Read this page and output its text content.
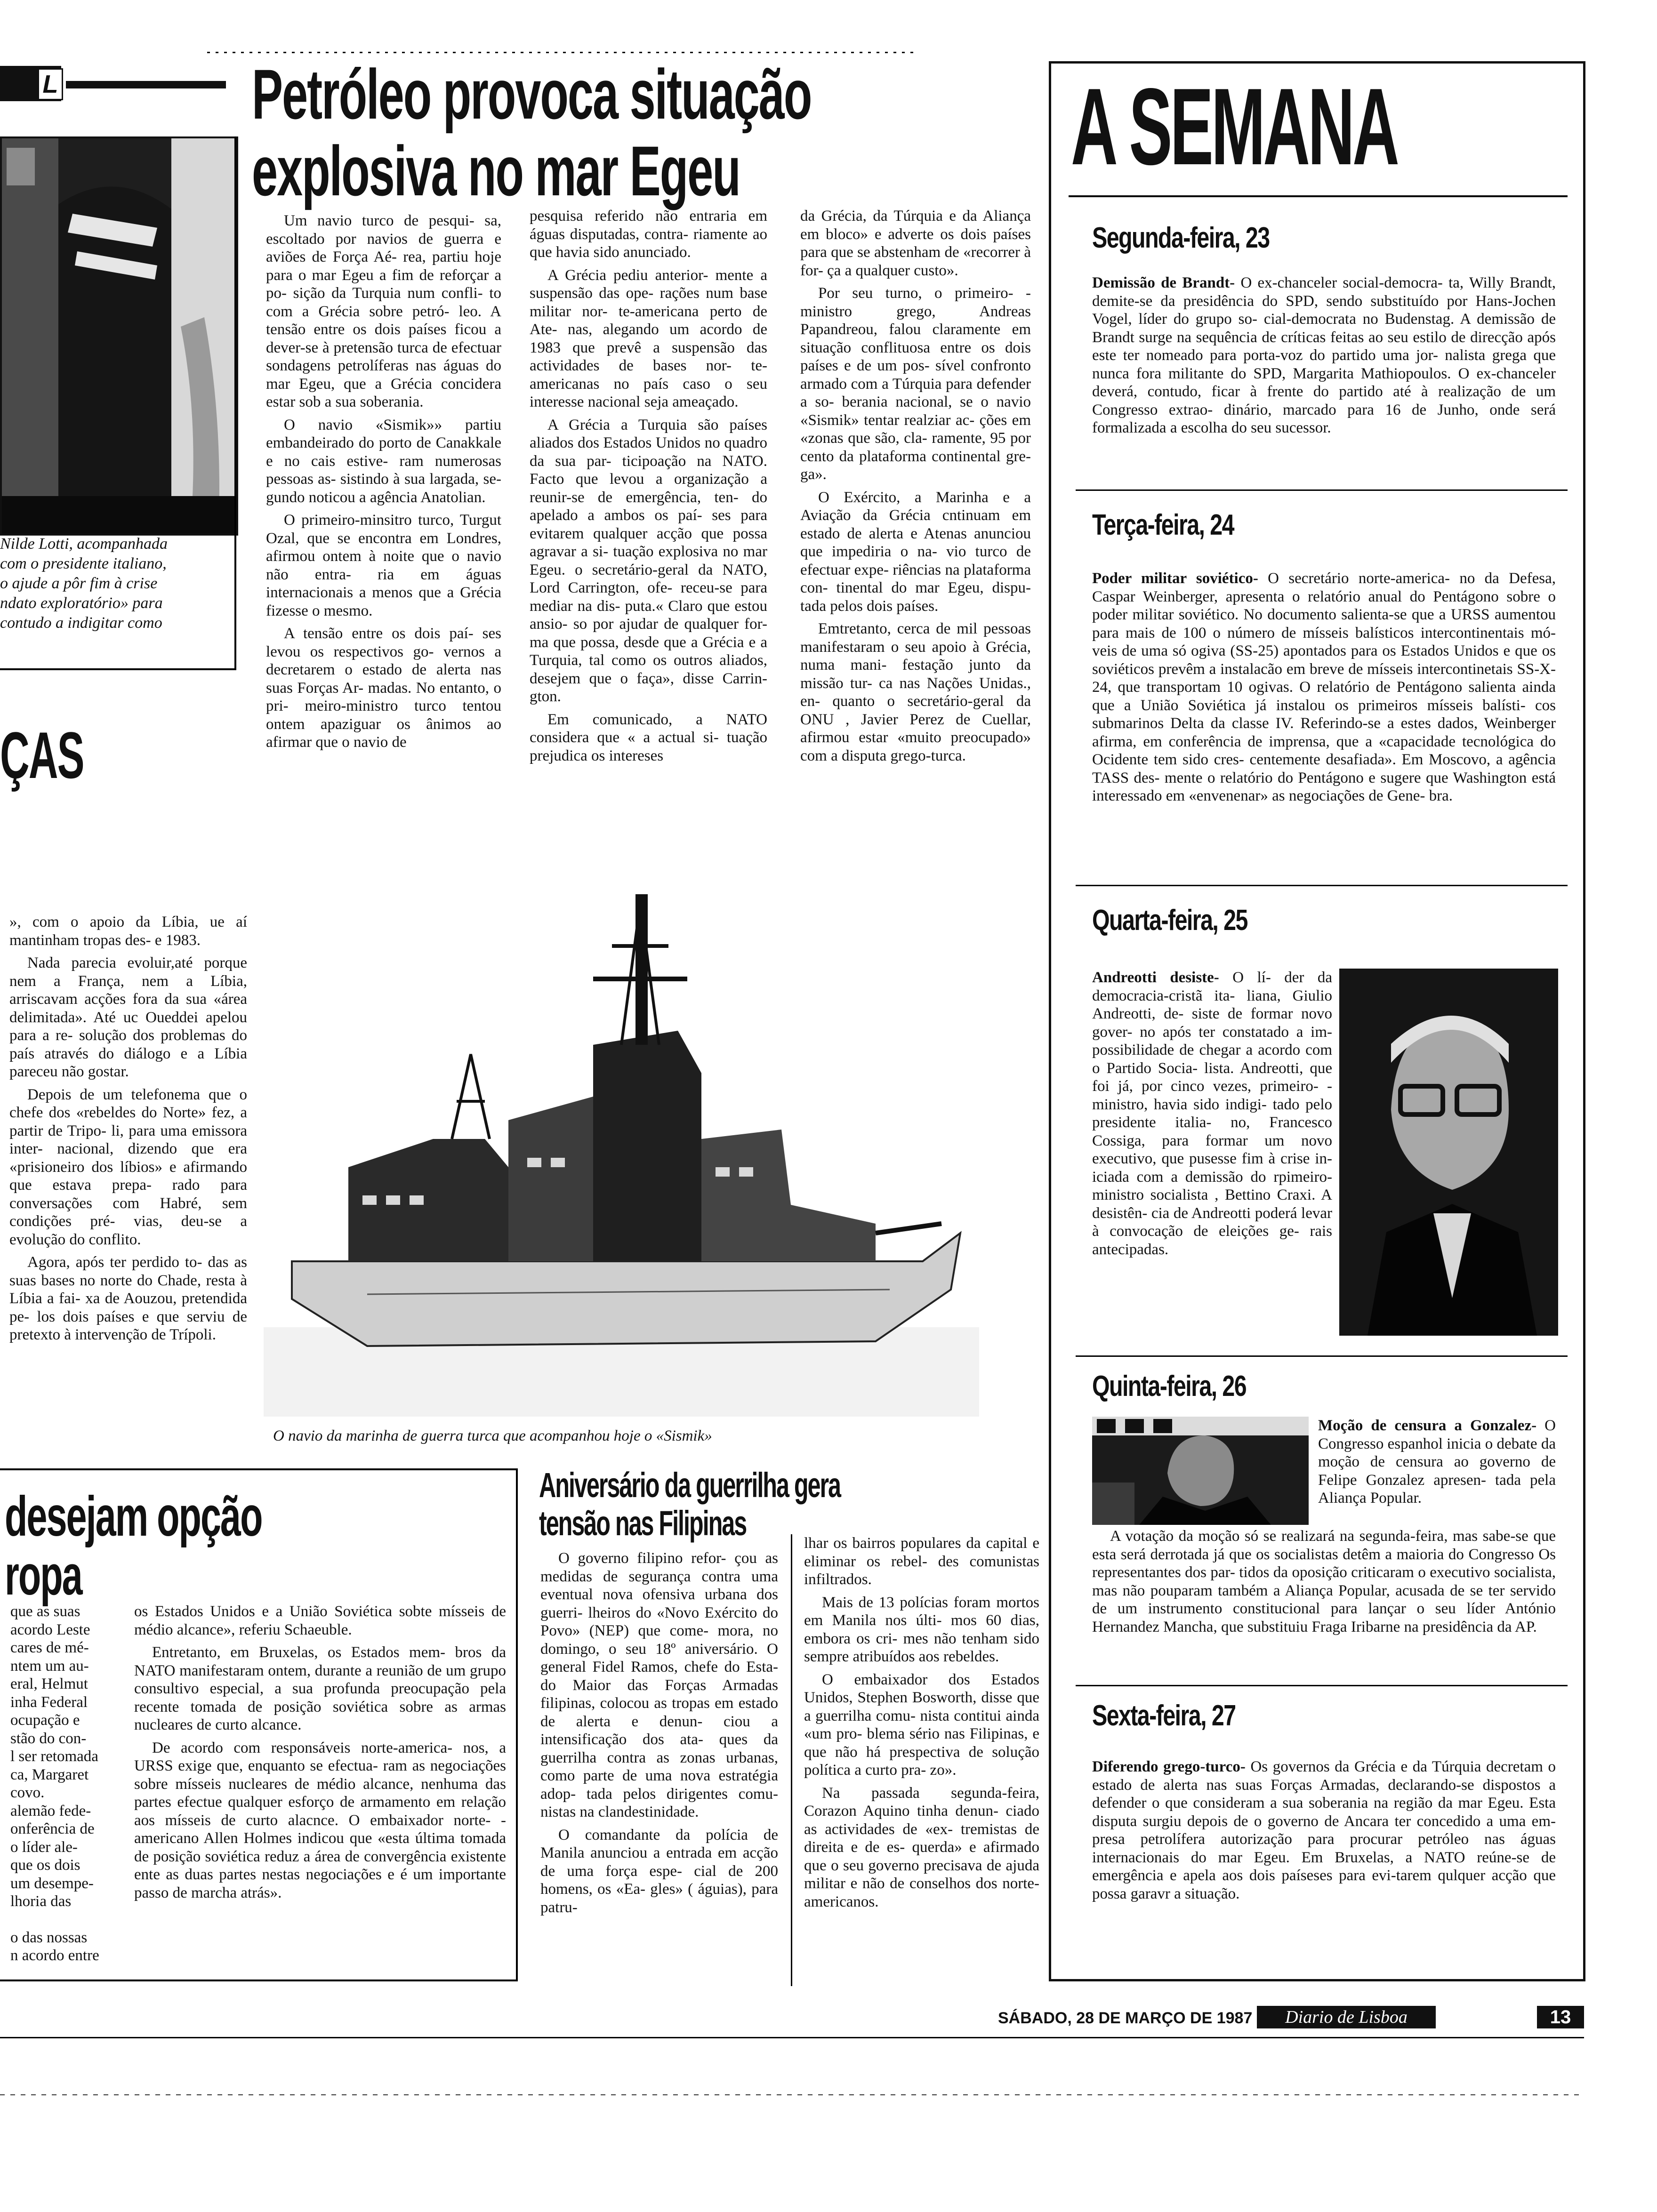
L	Petróleo provoca situação
explosiva no mar Egeu
Nilde Lotti, acompanhada
com o presidente italiano,
o ajude a pôr fim à crise
ndato exploratório» para
contudo a indigitar como
ÇAS

Um navio turco de pesqui- sa, escoltado por navios de guerra e aviões de Força Aé- rea, partiu hoje para o mar Egeu a fim de reforçar a po- sição da Turquia num confli- to com a Grécia sobre petró- leo. A tensão entre os dois países ficou a dever-se à pretensão turca de efectuar sondagens petrolíferas nas águas do mar Egeu, que a Grécia concidera estar sob a sua soberania.

O navio «Sismik»» partiu embandeirado do porto de Canakkale e no cais estive- ram numerosas pessoas as- sistindo à sua largada, se- gundo noticou a agência Anatolian.

O primeiro-minsitro turco, Turgut Ozal, que se encontra em Londres, afirmou ontem à noite que o navio não entra- ria em águas internacionais a menos que a Grécia fizesse o mesmo.

A tensão entre os dois paí- ses levou os respectivos go- vernos a decretarem o estado de alerta nas suas Forças Ar- madas. No entanto, o pri- meiro-ministro turco tentou ontem apaziguar os ânimos ao afirmar que o navio de

pesquisa referido não entraria em águas disputadas, contra- riamente ao que havia sido anunciado.

A Grécia pediu anterior- mente a suspensão das ope- rações num base militar nor- te-americana perto de Ate- nas, alegando um acordo de 1983 que prevê a suspensão das actividades de bases nor- te-americanas no país caso o seu interesse nacional seja ameaçado.

A Grécia a Turquia são países aliados dos Estados Unidos no quadro da sua par- ticipoação na NATO. Facto que levou a organização a reunir-se de emergência, ten- do apelado a ambos os paí- ses para evitarem qualquer acção que possa agravar a si- tuação explosiva no mar Egeu. o secretário-geral da NATO, Lord Carrington, ofe- receu-se para mediar na dis- puta.« Claro que estou ansio- so por ajudar de qualquer for- ma que possa, desde que a Grécia e a Turquia, tal como os outros aliados, desejem que o faça», disse Carrin- gton.

Em comunicado, a NATO considera que « a actual si- tuação prejudica os intereses

da Grécia, da Túrquia e da Aliança em bloco» e adverte os dois países para que se abstenham de «recorrer à for- ça a qualquer custo».

Por seu turno, o primeiro- -ministro grego, Andreas Papandreou, falou claramente em situação conflituosa entre os dois países e de um pos- sível confronto armado com a Túrquia para defender a so- berania nacional, se o navio «Sismik» tentar realziar ac- ções em «zonas que são, cla- ramente, 95 por cento da plataforma continental gre- ga».

O Exército, a Marinha e a Aviação da Grécia cntinuam em estado de alerta e Atenas anunciou que impediria o na- vio turco de efectuar expe- riências na plataforma con- tinental do mar Egeu, dispu- tada pelos dois países.

Emtretanto, cerca de mil pessoas manifestaram o seu apoio à Grécia, numa mani- festação junto da missão tur- ca nas Nações Unidas., en- quanto o secretário-geral da ONU , Javier Perez de Cuellar, afirmou estar «muito preocupado» com a disputa grego-turca.

», com o apoio da Líbia, ue aí mantinham tropas des- e 1983.

Nada parecia evoluir,até porque nem a França, nem a Líbia, arriscavam acções fora da sua «área delimitada». Até uc Oueddei apelou para a re- solução dos problemas do país através do diálogo e a Líbia pareceu não gostar.

Depois de um telefonema que o chefe dos «rebeldes do Norte» fez, a partir de Tripo- li, para uma emissora inter- nacional, dizendo que era «prisioneiro dos líbios» e afirmando que estava prepa- rado para conversações com Habré, sem condições pré- vias, deu-se a evolução do conflito.

Agora, após ter perdido to- das as suas bases no norte do Chade, resta à Líbia a fai- xa de Aouzou, pretendida pe- los dois países e que serviu de pretexto à intervenção de Trípoli.

O navio da marinha de guerra turca que acompanhou hoje o «Sismik»
desejam opção
ropa
que as suas
acordo Leste
cares de mé-
ntem um au-
eral, Helmut
inha Federal
ocupação e
stão do con-
l ser retomada
ca, Margaret
covo.
alemão fede-
onferência de
o líder ale-
que os dois
um desempe-
lhoria das
o das nossas
n acordo entre

os Estados Unidos e a União Soviética sobte mísseis de médio alcance», referiu Schaeuble.

Entretanto, em Bruxelas, os Estados mem- bros da NATO manifestaram ontem, durante a reunião de um grupo consultivo especial, a sua profunda preocupação pela recente tomada de posição soviética sobre as armas nucleares de curto alcance.

De acordo com responsáveis norte-america- nos, a URSS exige que, enquanto se efectua- ram as negociações sobre mísseis nucleares de médio alcance, nenhuma das partes efectue qualquer esforço de armamento em relação aos mísseis de curto alacnce. O embaixador norte- -americano Allen Holmes indicou que «esta última tomada de posição soviética reduz a área de convergência existente ente as duas partes nestas negociações e é um importante passo de marcha atrás».

Aniversário da guerrilha gera
tensão nas Filipinas

O governo filipino refor- çou as medidas de segurança contra uma eventual nova ofensiva urbana dos guerri- lheiros do «Novo Exército do Povo» (NEP) que come- mora, no domingo, o seu 18º aniversário. O general Fidel Ramos, chefe do Esta- do Maior das Forças Armadas filipinas, colocou as tropas em estado de alerta e denun- ciou a intensificação dos ata- ques da guerrilha contra as zonas urbanas, como parte de uma nova estratégia adop- tada pelos dirigentes comu- nistas na clandestinidade.

O comandante da polícia de Manila anunciou a entrada em acção de uma força espe- cial de 200 homens, os «Ea- gles» ( águias), para patru-

lhar os bairros populares da capital e eliminar os rebel- des comunistas infiltrados.

Mais de 13 polícias foram mortos em Manila nos últi- mos 60 dias, embora os cri- mes não tenham sido sempre atribuídos aos rebeldes.

O embaixador dos Estados Unidos, Stephen Bosworth, disse que a guerrilha comu- nista contitui ainda «um pro- blema sério nas Filipinas, e que não há prespectiva de solução política a curto pra- zo».

Na passada segunda-feira, Corazon Aquino tinha denun- ciado as actividades de «ex- tremistas de direita e de es- querda» e afirmado que o seu governo precisava de ajuda militar e não de conselhos dos norte-americanos.

A SEMANA
Segunda-feira, 23
Demissão de Brandt- O ex-chanceler social-democra- ta, Willy Brandt, demite-se da presidência do SPD, sendo substituído por Hans-Jochen Vogel, líder do grupo so- cial-democrata no Budenstag. A demissão de Brandt surge na sequência de críticas feitas ao seu estilo de direcção após este ter nomeado para porta-voz do partido uma jor- nalista grega que nunca fora militante do SPD, Margarita Mathiopoulos. O ex-chanceler deverá, contudo, ficar à frente do partido até à realização de um Congresso extrao- dinário, marcado para 16 de Junho, onde será formalizada a escolha do seu sucessor.
Terça-feira, 24
Poder militar soviético- O secretário norte-america- no da Defesa, Caspar Weinberger, apresenta o relatório anual do Pentágono sobre o poder militar soviético. No documento salienta-se que a URSS aumentou para mais de 100 o número de mísseis balísticos intercontinentais mó- veis de uma só ogiva (SS-25) apontados para os Estados Unidos e que os soviéticos prevêm a instalacão em breve de mísseis intercontinetais SS-X-24, que transportam 10 ogivas. O relatório de Pentágono salienta ainda que a União Soviética já instalou os primeiros mísseis balísti- cos submarinos Delta da classe IV. Referindo-se a estes dados, Weinberger afirma, em conferência de imprensa, que a «capacidade tecnológica do Ocidente tem sido cres- centemente desafiada». Em Moscovo, a agência TASS des- mente o relatório do Pentágono e sugere que Washington está interessado em «envenenar» as negociações de Gene- bra.
Quarta-feira, 25
Andreotti desiste- O lí- der da democracia-cristã ita- liana, Giulio Andreotti, de- siste de formar novo gover- no após ter constatado a im- possibilidade de chegar a acordo com o Partido Socia- lista. Andreotti, que foi já, por cinco vezes, primeiro- -ministro, havia sido indigi- tado pelo presidente italia- no, Francesco Cossiga, para formar um novo executivo, que pusesse fim à crise in- iciada com a demissão do rpimeiro-ministro socialista , Bettino Craxi. A desistên- cia de Andreotti poderá levar à convocação de eleições ge- rais antecipadas.
Quinta-feira, 26
Moção de censura a Gonzalez- O Congresso espanhol inicia o debate da moção de censura ao governo de Felipe Gonzalez apresen- tada pela Aliança Popular.
A votação da moção só se realizará na segunda-feira, mas sabe-se que esta será derrotada já que os socialistas detêm a maioria do Congresso Os representantes dos par- tidos da oposição criticaram o executivo socialista, mas não pouparam também a Aliança Popular, acusada de se ter servido de um instrumento constitucional para lançar o seu líder António Hernandez Mancha, que substituiu Fraga Iribarne na presidência da AP.
Sexta-feira, 27
Diferendo grego-turco- Os governos da Grécia e da Túrquia decretam o estado de alerta nas suas Forças Armadas, declarando-se dispostos a defender o que consideram a sua soberania na região da mar Egeu. Esta disputa surgiu depois de o governo de Ancara ter concedido a uma em-presa petrolífera autorização para procurar petróleo nas águas internacionais do mar Egeu. Em Bruxelas, a NATO reúne-se de emergência e apela aos dois paíseses para evi-tarem qulquer acção que possa garavr a situação.
SÁBADO, 28 DE MARÇO DE 1987	Diario de Lisboa	13
